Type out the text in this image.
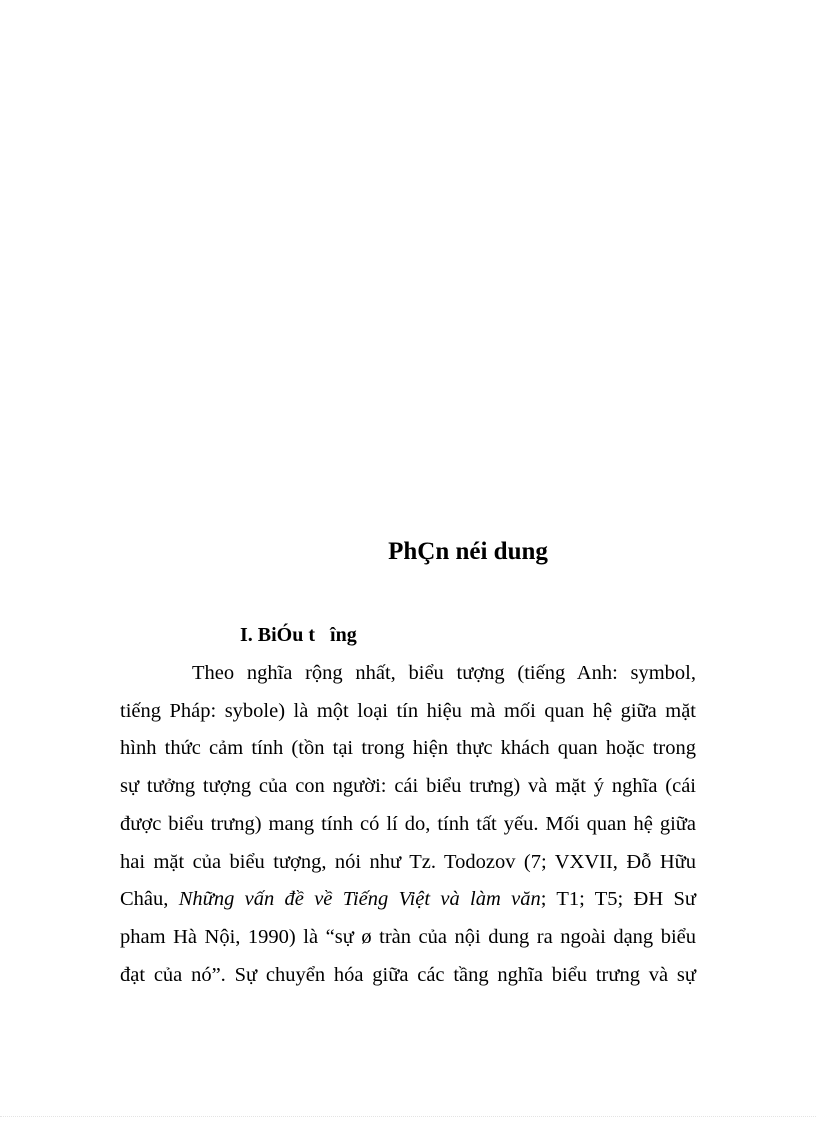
PhÇn néi dung
I. BiÓu t   îng
Theo nghĩa rộng nhất, biểu tượng (tiếng Anh: symbol,
tiếng Pháp: sybole) là một loại tín hiệu mà mối quan hệ giữa mặt
hình thức cảm tính (tồn tại trong hiện thực khách quan hoặc trong
sự tưởng tượng của con người: cái biểu trưng) và mặt ý nghĩa (cái
được biểu trưng) mang tính có lí do, tính tất yếu. Mối quan hệ giữa
hai mặt của biểu tượng, nói như Tz. Todozov (7; VXVII, Đỗ Hữu
Châu, Những vấn đề về Tiếng Việt và làm văn; T1; T5; ĐH Sư
pham Hà Nội, 1990) là “sự ø tràn của nội dung ra ngoài dạng biểu
đạt của nó”. Sự chuyển hóa giữa các tầng nghĩa biểu trưng và sự
